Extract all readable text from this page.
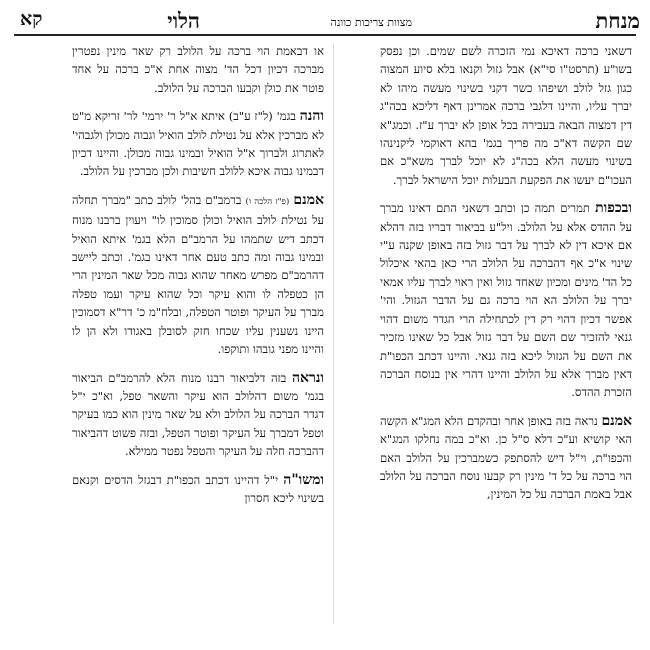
מנחת
מצוות צריכות כוונה
הלוי
קא

דשאני ברכה דאיכא נמי הזכרה לשם שמים. וכן נפסק בשו"ע (תרסט"ו סי"א) אבל גזול וקנאו בלא סיוע המצוה כגון גזל לולב ושיפהו כשר דקני בשינוי מעשה מיהו לא יברך עליו, והיינו דלגבי ברכה אמרינן דאף דליכא בכה"ג דין דמצוה הבאה בעבירה בכל אופן לא יברך ע"ז. וכמג"א שם הקשה דא"כ מה פריך בגמ' בהא דאוקמי ליקנינהו בשינוי מעשה הלא בכה"ג לא יוכל לברך משא"כ אם העכו"ם יעשו את הפקעת הבעלות יוכל הישראל לברך.

ובכפות תמרים תמה כן וכתב דשאני התם דאינו מברך על ההדס אלא על הלולב. ויל"ע בביאור דבריו בזה דהלא אם איכא דין לא לברך על דבר גזול בזה באופן שקנה ע"י שינוי א"כ אף דהברכה על הלולב הרי כאן בהאי איכלול כל הד' מינים ומכיון שאחד גזול ואין ראוי לברך עליו אמאי יברך על הלולב הא הוי ברכה גם על הדבר הגזול. והי' אפשר דכיון דהוי רק דין לכתחילה הרי הגדר משום דהוי גנאי להזכיר שם השם על דבר גזול אבל כל שאינו מזכיר את השם על הגזול ליכא בזה גנאי. והיינו דכתב הכפו"ת דאין מברך אלא על הלולב והיינו דהרי אין בנוסח הברכה הזכרת ההדס.

אמנם נראה בזה באופן אחר ובהקדם הלא המג"א הקשה האי קושיא וע"כ דלא ס"ל כן. וא"כ במה נחלקו המג"א והכפו"ת, וי"ל דיש להסתפק כשמברכין על הלולב האם הוי ברכה על כל ד' מינין רק קבעו נוסח הברכה על הלולב אבל באמת הברכה על כל המינין,

או דבאמת הוי ברכה על הלולב רק שאר מינין נפטרין מברכה דכיון דכל הד' מצוה אחת א"כ ברכה על אחד פוטר את כולן וקבעו הברכה על הלולב.

והנה בגמ' (ל"ז ע"ב) איתא א"ל ר' ירמי' לר' זריקא מ"ט לא מברכין אלא על נטילת לולב הואיל וגבוה מכולן ולגבהי' לאתרוג ולברוך א"ל הואיל ובמינו גבוה מכולן. והיינו דכיון דבמינו גבוה איכא ללולב חשיבות ולכן מברכין על הלולב.

אמנם (פ"ז הלכה ו) ברמב"ם בהל' לולב כתב "מברך תחלה על נטילת לולב הואיל וכולן סמוכין לו" ויעוין ברבנו מנוח דכתב דיש שתמהו על הרמב"ם הלא בגמ' איתא הואיל ובמינו גבוה ומה כתב טעם אחר דאינו בגמ'. וכתב ליישב דהרמב"ם מפרש מאחר שהוא גבוה מכל שאר המינין הרי הן כטפלה לו והוא עיקר וכל שהוא עיקר ועמו טפלה מברך על העיקר ופוטר הטפלה, ובלח"מ כ' דר"א דסמוכין היינו נשענין עליו שכחו חזק לסובלן באגודו ולא הן לו והיינו מפני גובהו ותוקפו.

ונראה בזה דלביאור רבנו מנוח הלא להרמב"ם הביאור בגמ' משום דהלולב הוא עיקר והשאר טפל, וא"כ י"ל דגדר הברכה על הלולב ולא על שאר מינין הוא כמו בעיקר וטפל דמברך על העיקר ופוטר הטפל, ובזה פשוט דהביאור דהברכה חלה על העיקר והטפל נפטר ממילא.

ומשו"ה י"ל דהיינו דכתב הכפו"ת דבגזל הדסים וקנאם בשינוי ליכא חסרון
